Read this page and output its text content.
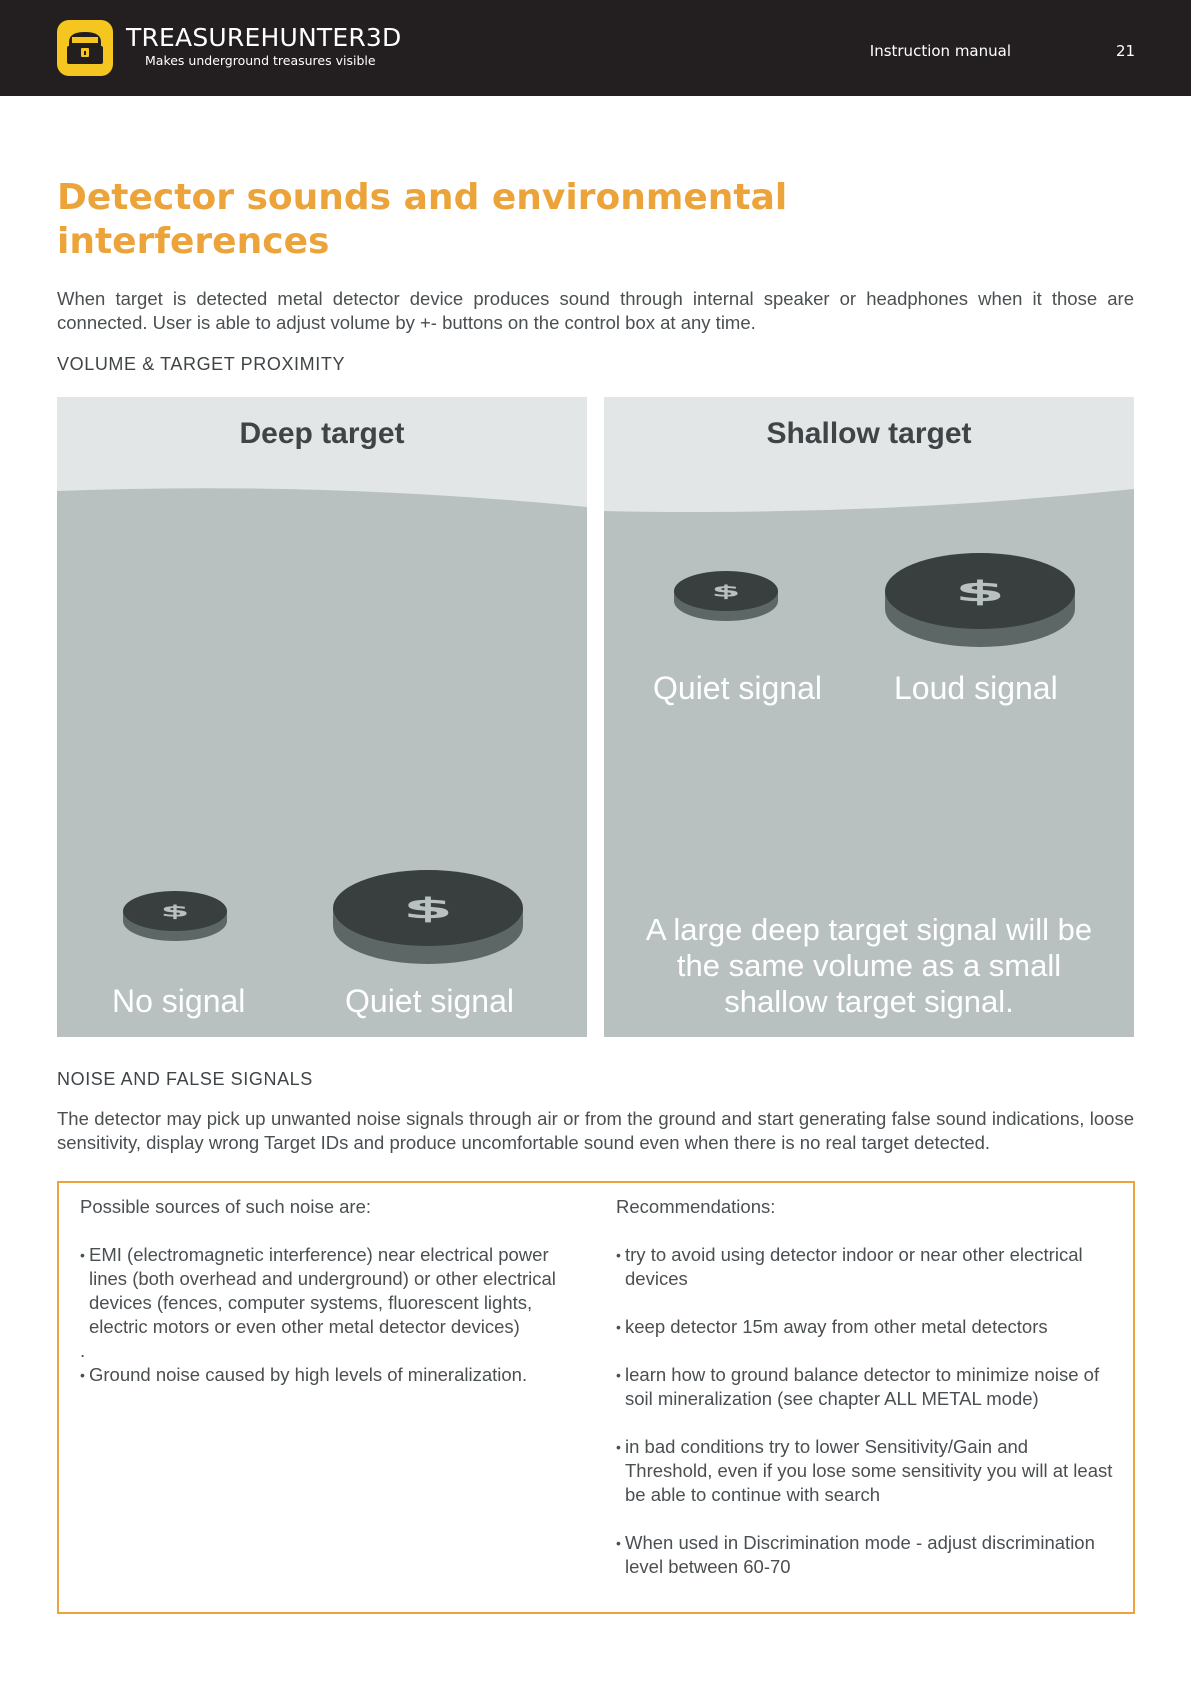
TREASUREHUNTER3D
Makes underground treasures visible
Instruction manual	21
Detector sounds and environmental interferences

When target is detected metal detector device produces sound through internal speaker or headphones when it those are connected. User is able to adjust volume by +- buttons on the control box at any time.

VOLUME & TARGET PROXIMITY
Deep target
$	$
No signal	Quiet signal
Shallow target
$	$
Quiet signal Loud signal
A large deep target signal will be the same volume as a small shallow target signal.
NOISE AND FALSE SIGNALS

The detector may pick up unwanted noise signals through air or from the ground and start generating false sound indications, loose sensitivity, display wrong Target IDs and produce uncomfortable sound even when there is no real target detected.

Possible sources of such noise are:

• EMI (electromagnetic interference) near electrical power lines (both overhead and underground) or other electrical devices (fences, computer systems, fluorescent lights, electric motors or even other metal detector devices)

.

• Ground noise caused by high levels of mineralization.

Recommendations:

• try to avoid using detector indoor or near other electrical devices
• keep detector 15m away from other metal detectors
• learn how to ground balance detector to minimize noise of soil mineralization (see chapter ALL METAL mode)
• in bad conditions try to lower Sensitivity/Gain and Threshold, even if you lose some sensitivity you will at least be able to continue with search
• When used in Discrimination mode - adjust discrimination level between 60-70
